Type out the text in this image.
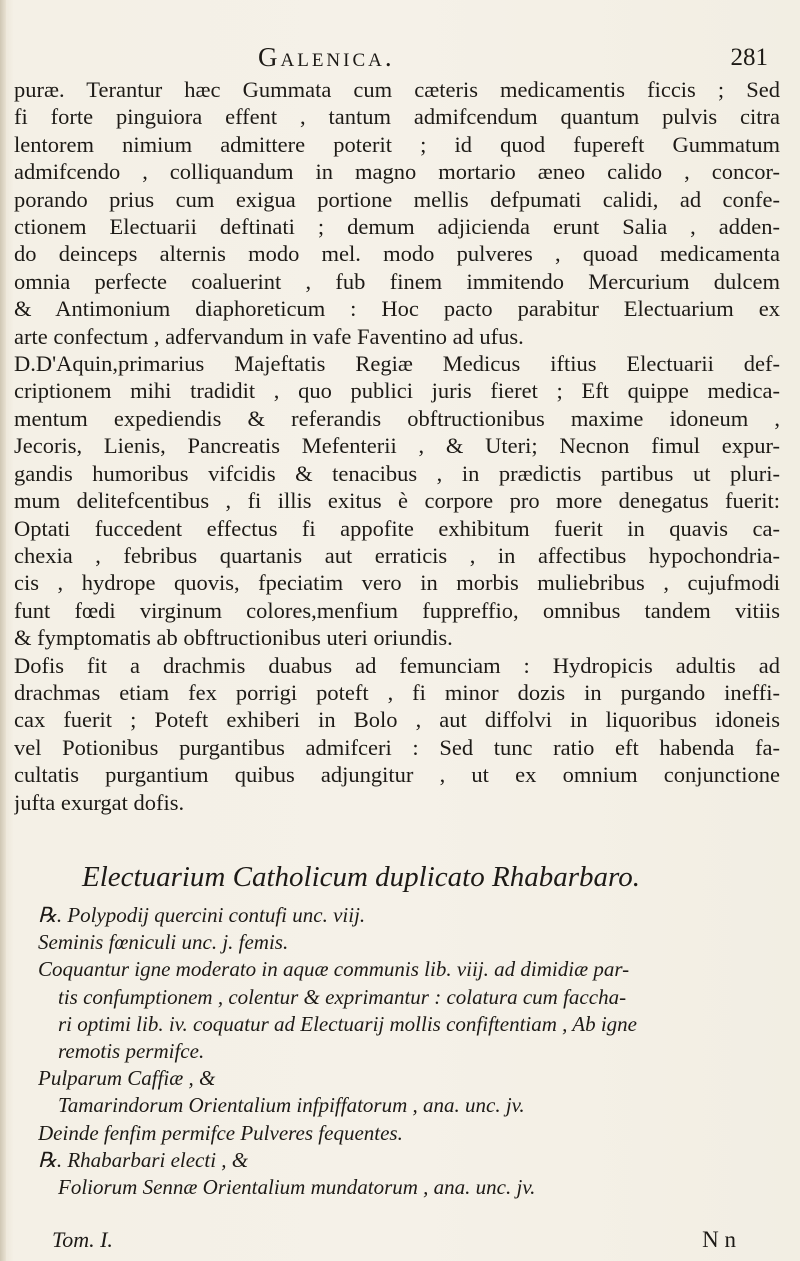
Galenica.	281
puræ. Terantur hæc Gummata cum cæteris medicamentis ficcis ; Sed
fi forte pinguiora effent , tantum admifcendum quantum pulvis citra
lentorem nimium admittere poterit ; id quod fupereft Gummatum
admifcendo , colliquandum in magno mortario æneo calido , concor-
porando prius cum exigua portione mellis defpumati calidi, ad confe-
ctionem Electuarii deftinati ; demum adjicienda erunt Salia , adden-
do deinceps alternis modo mel. modo pulveres , quoad medicamenta
omnia perfecte coaluerint , fub finem immitendo Mercurium dulcem
& Antimonium diaphoreticum : Hoc pacto parabitur Electuarium ex
arte confectum , adfervandum in vafe Faventino ad ufus.
D.D'Aquin,primarius Majeftatis Regiæ Medicus iftius Electuarii def-
criptionem mihi tradidit , quo publici juris fieret ; Eft quippe medica-
mentum expediendis & referandis obftructionibus maxime idoneum ,
Jecoris, Lienis, Pancreatis Mefenterii , & Uteri; Necnon fimul expur-
gandis humoribus vifcidis & tenacibus , in prædictis partibus ut pluri-
mum delitefcentibus , fi illis exitus è corpore pro more denegatus fuerit:
Optati fuccedent effectus fi appofite exhibitum fuerit in quavis ca-
chexia , febribus quartanis aut erraticis , in affectibus hypochondria-
cis , hydrope quovis, fpeciatim vero in morbis muliebribus , cujufmodi
funt fœdi virginum colores,menfium fuppreffio, omnibus tandem vitiis
& fymptomatis ab obftructionibus uteri oriundis.
Dofis fit a drachmis duabus ad femunciam : Hydropicis adultis ad
drachmas etiam fex porrigi poteft , fi minor dozis in purgando ineffi-
cax fuerit ; Poteft exhiberi in Bolo , aut diffolvi in liquoribus idoneis
vel Potionibus purgantibus admifceri : Sed tunc ratio eft habenda fa-
cultatis purgantium quibus adjungitur , ut ex omnium conjunctione
jufta exurgat dofis.
Electuarium Catholicum duplicato Rhabarbaro.
℞. Polypodij quercini contufi unc. viij.
Seminis fœniculi unc. j. femis.
Coquantur igne moderato in aquæ communis lib. viij. ad dimidiæ par-
tis confumptionem , colentur & exprimantur : colatura cum faccha-
ri optimi lib. iv. coquatur ad Electuarij mollis confiftentiam , Ab igne
remotis permifce.
Pulparum Caffiæ , &
Tamarindorum Orientalium infpiffatorum , ana. unc. jv.
Deinde fenfim permifce Pulveres fequentes.
℞. Rhabarbari electi , &
Foliorum Sennæ Orientalium mundatorum , ana. unc. jv.
Tom. I.	N n
